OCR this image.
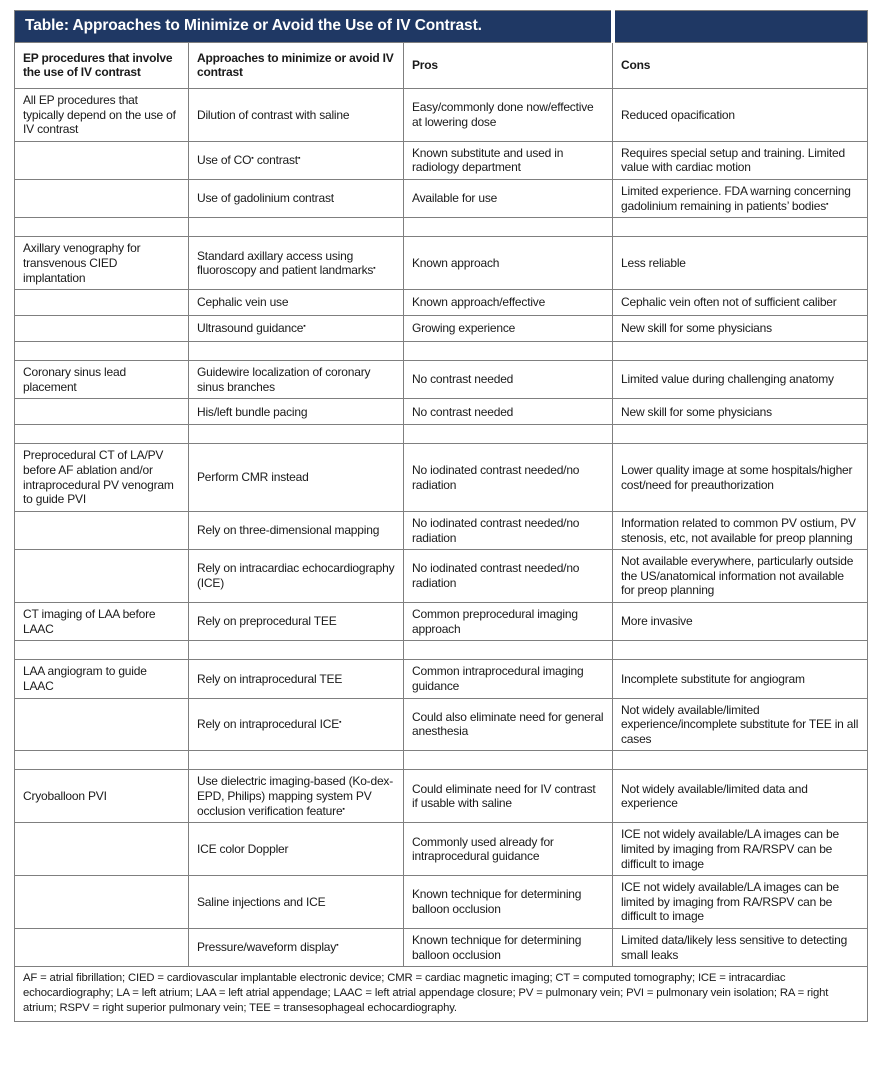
Table: Approaches to Minimize or Avoid the Use of IV Contrast.			
EP procedures that involve the use of IV contrast	Approaches to minimize or avoid IV contrast	Pros	Cons
All EP procedures that typically depend on the use of IV contrast	Dilution of contrast with saline	Easy/commonly done now/effective at lowering dose	Reduced opacification
	Use of CO▪ contrast▪	Known substitute and used in radiology department	Requires special setup and training. Limited value with cardiac motion
	Use of gadolinium contrast	Available for use	Limited experience. FDA warning concerning gadolinium remaining in patients’ bodies▪

Axillary venography for transvenous CIED implantation	Standard axillary access using fluoroscopy and patient landmarks▪	Known approach	Less reliable
	Cephalic vein use	Known approach/effective	Cephalic vein often not of sufficient caliber
	Ultrasound guidance▪	Growing experience	New skill for some physicians

Coronary sinus lead placement	Guidewire localization of coronary sinus branches	No contrast needed	Limited value during challenging anatomy
	His/left bundle pacing	No contrast needed	New skill for some physicians

Preprocedural CT of LA/PV before AF ablation and/or intraprocedural PV venogram to guide PVI	Perform CMR instead	No iodinated contrast needed/no radiation	Lower quality image at some hospitals/higher cost/need for preauthorization
	Rely on three-dimensional mapping	No iodinated contrast needed/no radiation	Information related to common PV ostium, PV stenosis, etc, not available for preop planning
	Rely on intracardiac echocardiography (ICE)	No iodinated contrast needed/no radiation	Not available everywhere, particularly outside the US/anatomical information not available for preop planning
CT imaging of LAA before LAAC	Rely on preprocedural TEE	Common preprocedural imaging approach	More invasive

LAA angiogram to guide LAAC	Rely on intraprocedural TEE	Common intraprocedural imaging guidance	Incomplete substitute for angiogram
	Rely on intraprocedural ICE▪	Could also eliminate need for general anesthesia	Not widely available/limited experience/incomplete substitute for TEE in all cases

Cryoballoon PVI	Use dielectric imaging-based (Ko-dex-EPD, Philips) mapping system PV occlusion verification feature▪	Could eliminate need for IV contrast if usable with saline	Not widely available/limited data and experience
	ICE color Doppler	Commonly used already for intraprocedural guidance	ICE not widely available/LA images can be limited by imaging from RA/RSPV can be difficult to image
	Saline injections and ICE	Known technique for determining balloon occlusion	ICE not widely available/LA images can be limited by imaging from RA/RSPV can be difficult to image
	Pressure/waveform display▪	Known technique for determining balloon occlusion	Limited data/likely less sensitive to detecting small leaks
AF = atrial fibrillation; CIED = cardiovascular implantable electronic device; CMR = cardiac magnetic imaging; CT = computed tomography; ICE = intracardiac echocardiography; LA = left atrium; LAA = left atrial appendage; LAAC = left atrial appendage closure; PV = pulmonary vein; PVI = pulmonary vein isolation; RA = right atrium; RSPV = right superior pulmonary vein; TEE = transesophageal echocardiography.			
